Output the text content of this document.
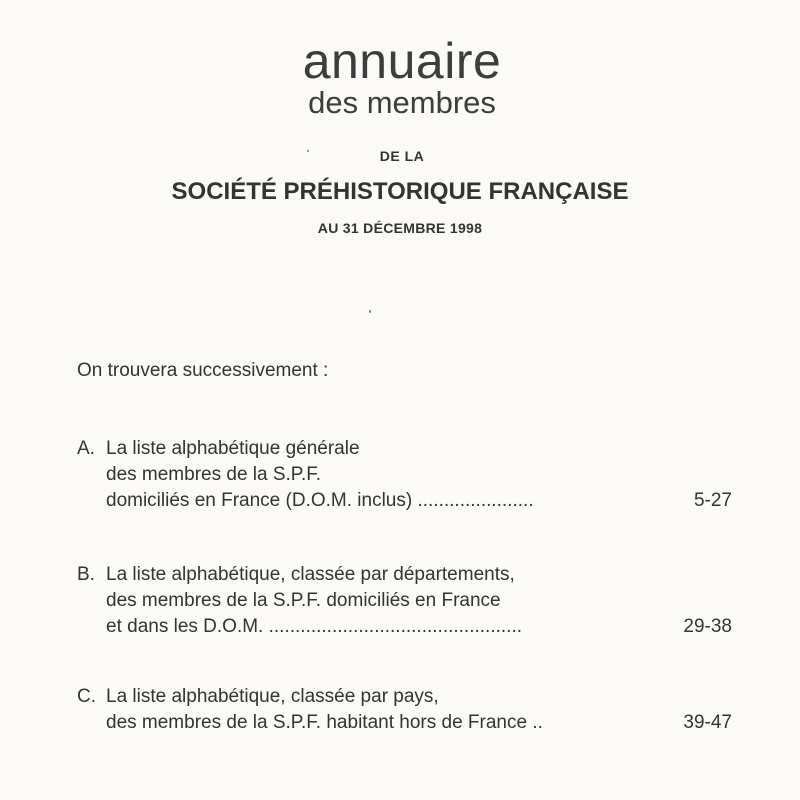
annuaire
des membres
DE LA
SOCIÉTÉ PRÉHISTORIQUE FRANÇAISE
AU 31 DÉCEMBRE 1998
On trouvera successivement :
A. La liste alphabétique générale
des membres de la S.P.F.
domiciliés en France (D.O.M. inclus) ......................	5-27
B. La liste alphabétique, classée par départements,
des membres de la S.P.F. domiciliés en France
et dans les D.O.M. ................................................	29-38
C. La liste alphabétique, classée par pays,
des membres de la S.P.F. habitant hors de France ..	39-47
